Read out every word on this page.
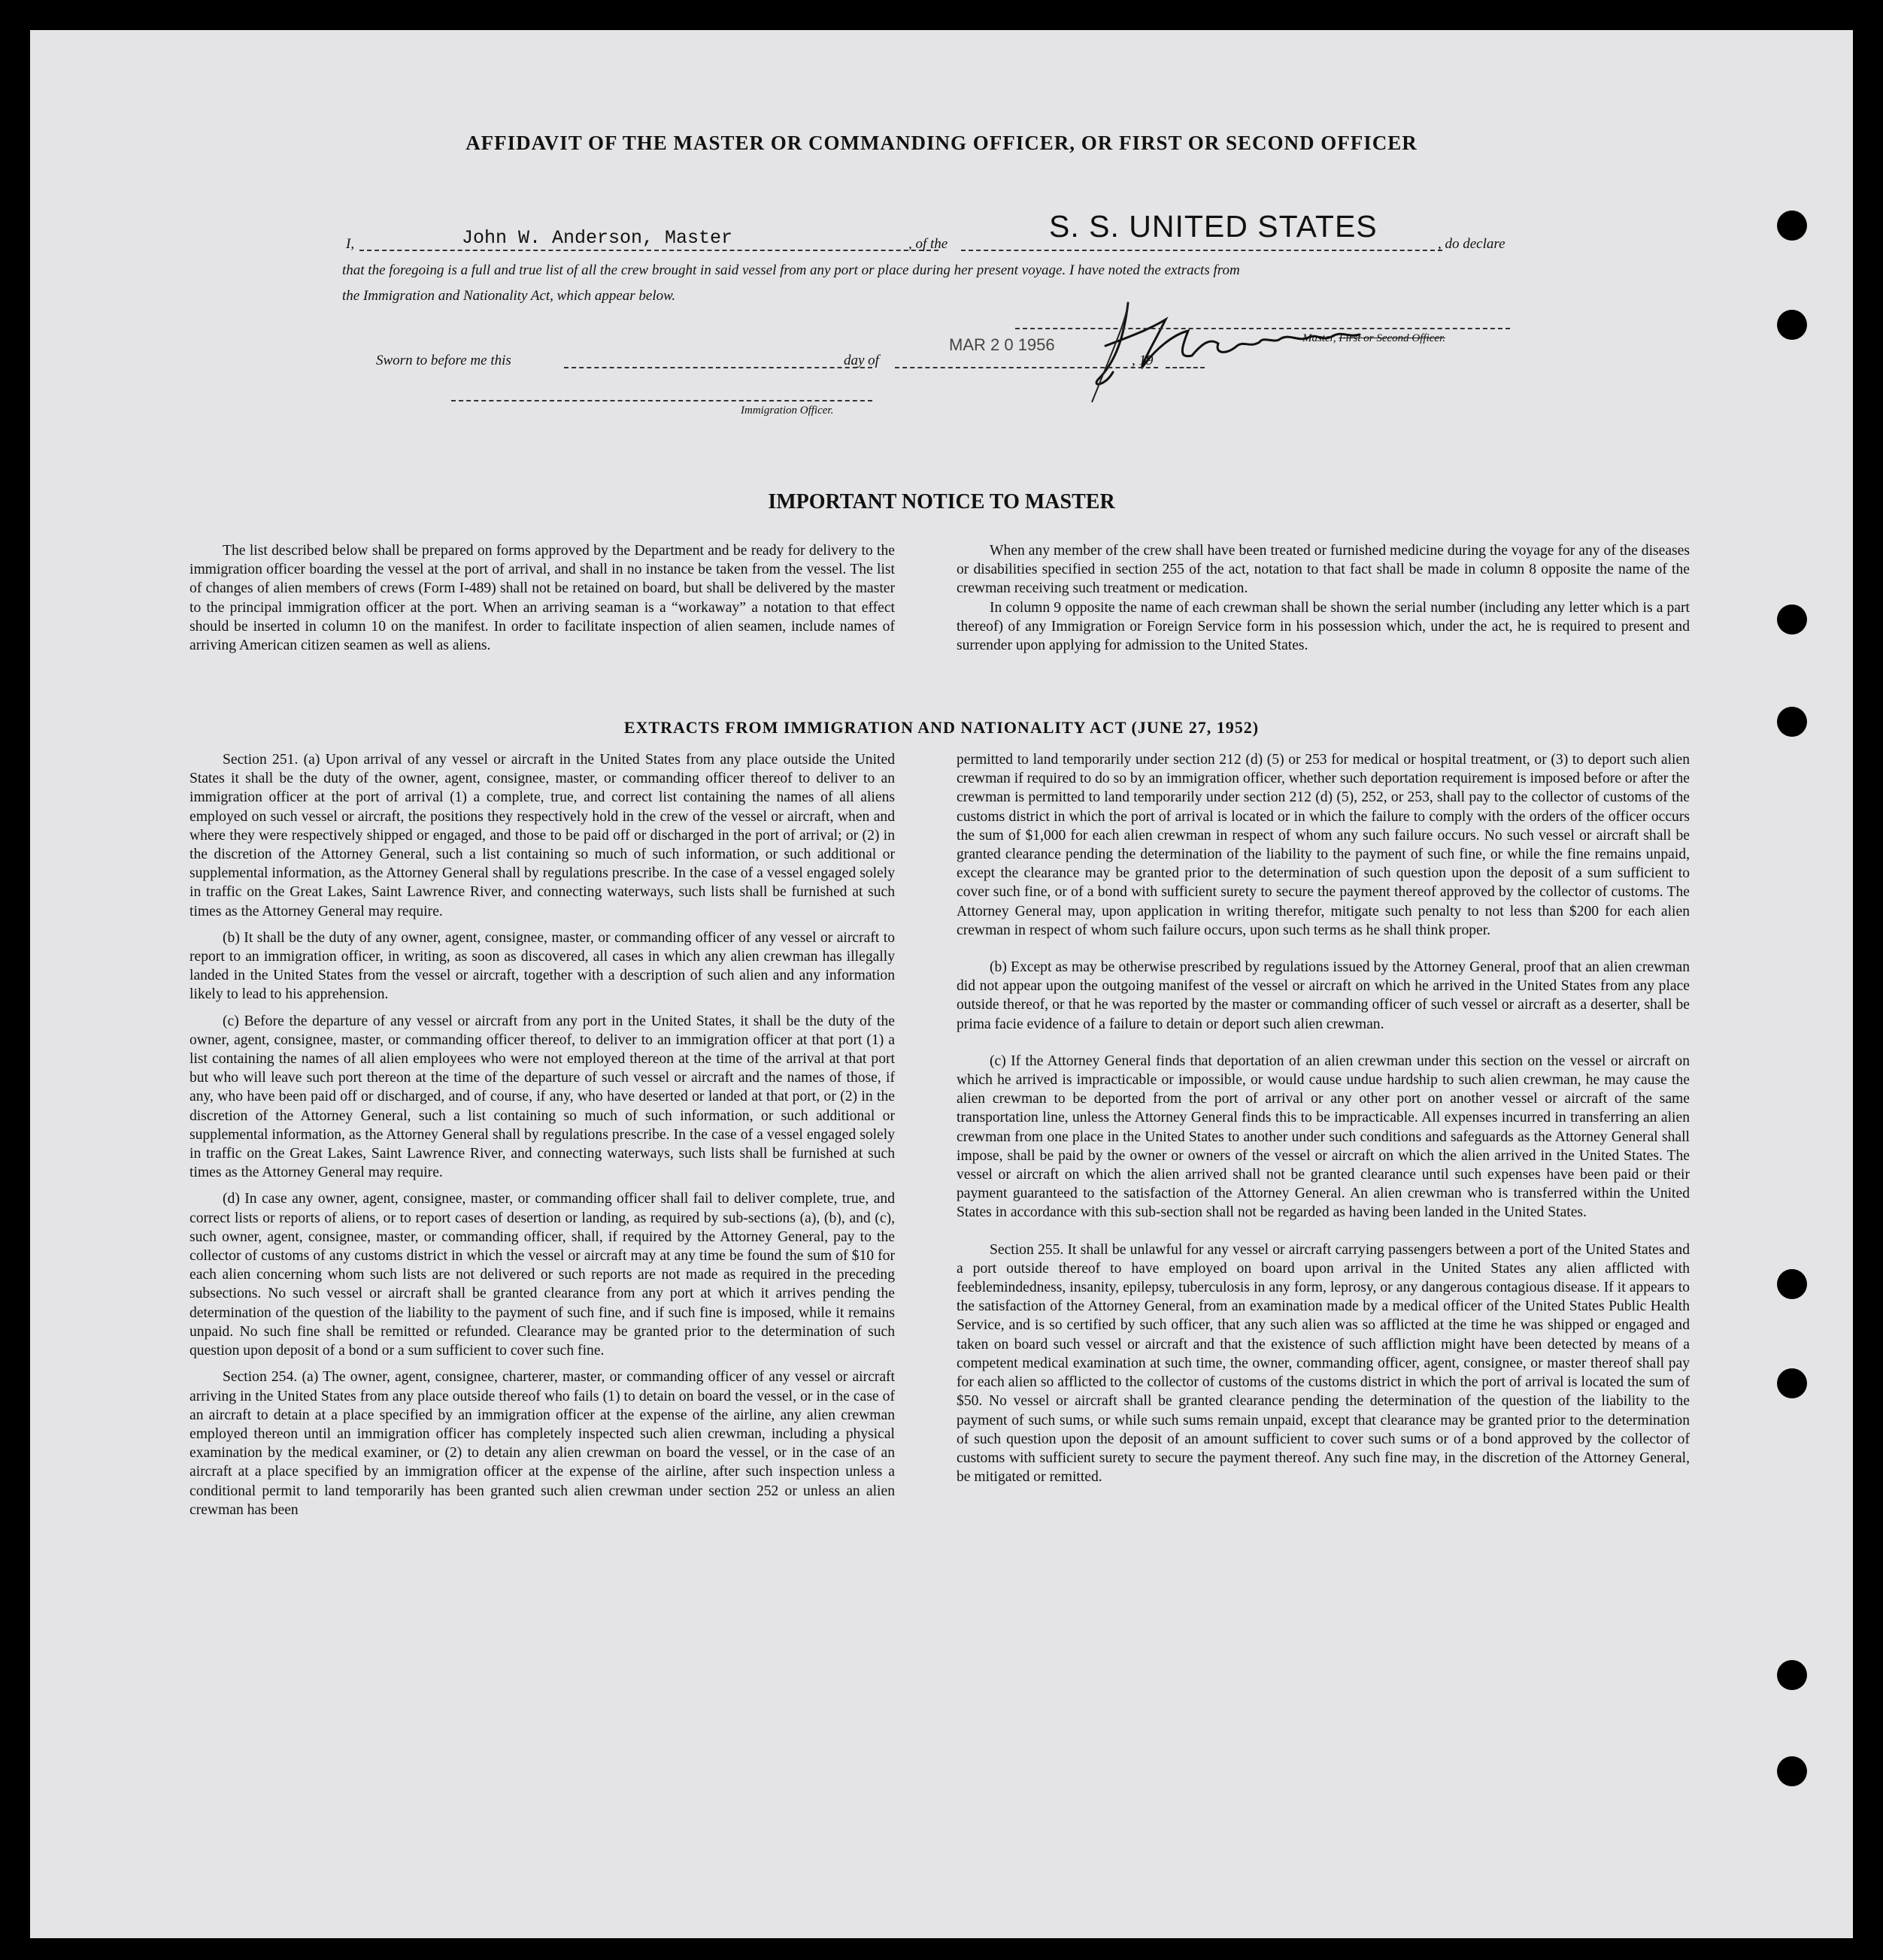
AFFIDAVIT OF THE MASTER OR COMMANDING OFFICER, OR FIRST OR SECOND OFFICER
I,	John W. Anderson, Master	, of the
S. S. UNITED STATES
, do declare
that the foregoing is a full and true list of all the crew brought in said vessel from any port or place during her present voyage. I have noted the extracts from
the Immigration and Nationality Act, which appear below.
Master, First or Second Officer.
Sworn to before me this	day of
MAR 2 0 1956
, 19
Immigration Officer.
IMPORTANT NOTICE TO MASTER

The list described below shall be prepared on forms approved by the Department and be ready for delivery to the immigration officer boarding the vessel at the port of arrival, and shall in no instance be taken from the vessel. The list of changes of alien members of crews (Form I-489) shall not be retained on board, but shall be delivered by the master to the principal immigration officer at the port. When an arriving seaman is a “workaway” a notation to that effect should be inserted in column 10 on the manifest. In order to facilitate inspection of alien seamen, include names of arriving American citizen seamen as well as aliens.

When any member of the crew shall have been treated or furnished medicine during the voyage for any of the diseases or disabilities specified in section 255 of the act, notation to that fact shall be made in column 8 opposite the name of the crewman receiving such treatment or medication.

In column 9 opposite the name of each crewman shall be shown the serial number (including any letter which is a part thereof) of any Immigration or Foreign Service form in his possession which, under the act, he is required to present and surrender upon applying for admission to the United States.

EXTRACTS FROM IMMIGRATION AND NATIONALITY ACT (JUNE 27, 1952)

Section 251. (a) Upon arrival of any vessel or aircraft in the United States from any place outside the United States it shall be the duty of the owner, agent, consignee, master, or commanding officer thereof to deliver to an immigration officer at the port of arrival (1) a complete, true, and correct list containing the names of all aliens employed on such vessel or aircraft, the positions they respectively hold in the crew of the vessel or aircraft, when and where they were respectively shipped or engaged, and those to be paid off or discharged in the port of arrival; or (2) in the discretion of the Attorney General, such a list containing so much of such information, or such additional or supplemental information, as the Attorney General shall by regulations prescribe. In the case of a vessel engaged solely in traffic on the Great Lakes, Saint Lawrence River, and connecting waterways, such lists shall be furnished at such times as the Attorney General may require.

(b) It shall be the duty of any owner, agent, consignee, master, or commanding officer of any vessel or aircraft to report to an immigration officer, in writing, as soon as discovered, all cases in which any alien crewman has illegally landed in the United States from the vessel or aircraft, together with a description of such alien and any information likely to lead to his apprehension.

(c) Before the departure of any vessel or aircraft from any port in the United States, it shall be the duty of the owner, agent, consignee, master, or commanding officer thereof, to deliver to an immigration officer at that port (1) a list containing the names of all alien employees who were not employed thereon at the time of the arrival at that port but who will leave such port thereon at the time of the departure of such vessel or aircraft and the names of those, if any, who have been paid off or discharged, and of course, if any, who have deserted or landed at that port, or (2) in the discretion of the Attorney General, such a list containing so much of such information, or such additional or supplemental information, as the Attorney General shall by regulations prescribe. In the case of a vessel engaged solely in traffic on the Great Lakes, Saint Lawrence River, and connecting waterways, such lists shall be furnished at such times as the Attorney General may require.

(d) In case any owner, agent, consignee, master, or commanding officer shall fail to deliver complete, true, and correct lists or reports of aliens, or to report cases of desertion or landing, as required by sub-sections (a), (b), and (c), such owner, agent, consignee, master, or commanding officer, shall, if required by the Attorney General, pay to the collector of customs of any customs district in which the vessel or aircraft may at any time be found the sum of $10 for each alien concerning whom such lists are not delivered or such reports are not made as required in the preceding subsections. No such vessel or aircraft shall be granted clearance from any port at which it arrives pending the determination of the question of the liability to the payment of such fine, and if such fine is imposed, while it remains unpaid. No such fine shall be remitted or refunded. Clearance may be granted prior to the determination of such question upon deposit of a bond or a sum sufficient to cover such fine.

Section 254. (a) The owner, agent, consignee, charterer, master, or commanding officer of any vessel or aircraft arriving in the United States from any place outside thereof who fails (1) to detain on board the vessel, or in the case of an aircraft to detain at a place specified by an immigration officer at the expense of the airline, any alien crewman employed thereon until an immigration officer has completely inspected such alien crewman, including a physical examination by the medical examiner, or (2) to detain any alien crewman on board the vessel, or in the case of an aircraft at a place specified by an immigration officer at the expense of the airline, after such inspection unless a conditional permit to land temporarily has been granted such alien crewman under section 252 or unless an alien crewman has been

permitted to land temporarily under section 212 (d) (5) or 253 for medical or hospital treatment, or (3) to deport such alien crewman if required to do so by an immigration officer, whether such deportation requirement is imposed before or after the crewman is permitted to land temporarily under section 212 (d) (5), 252, or 253, shall pay to the collector of customs of the customs district in which the port of arrival is located or in which the failure to comply with the orders of the officer occurs the sum of $1,000 for each alien crewman in respect of whom any such failure occurs. No such vessel or aircraft shall be granted clearance pending the determination of the liability to the payment of such fine, or while the fine remains unpaid, except the clearance may be granted prior to the determination of such question upon the deposit of a sum sufficient to cover such fine, or of a bond with sufficient surety to secure the payment thereof approved by the collector of customs. The Attorney General may, upon application in writing therefor, mitigate such penalty to not less than $200 for each alien crewman in respect of whom such failure occurs, upon such terms as he shall think proper.

(b) Except as may be otherwise prescribed by regulations issued by the Attorney General, proof that an alien crewman did not appear upon the outgoing manifest of the vessel or aircraft on which he arrived in the United States from any place outside thereof, or that he was reported by the master or commanding officer of such vessel or aircraft as a deserter, shall be prima facie evidence of a failure to detain or deport such alien crewman.

(c) If the Attorney General finds that deportation of an alien crewman under this section on the vessel or aircraft on which he arrived is impracticable or impossible, or would cause undue hardship to such alien crewman, he may cause the alien crewman to be deported from the port of arrival or any other port on another vessel or aircraft of the same transportation line, unless the Attorney General finds this to be impracticable. All expenses incurred in transferring an alien crewman from one place in the United States to another under such conditions and safeguards as the Attorney General shall impose, shall be paid by the owner or owners of the vessel or aircraft on which the alien arrived in the United States. The vessel or aircraft on which the alien arrived shall not be granted clearance until such expenses have been paid or their payment guaranteed to the satisfaction of the Attorney General. An alien crewman who is transferred within the United States in accordance with this sub-section shall not be regarded as having been landed in the United States.

Section 255. It shall be unlawful for any vessel or aircraft carrying passengers between a port of the United States and a port outside thereof to have employed on board upon arrival in the United States any alien afflicted with feeblemindedness, insanity, epilepsy, tuberculosis in any form, leprosy, or any dangerous contagious disease. If it appears to the satisfaction of the Attorney General, from an examination made by a medical officer of the United States Public Health Service, and is so certified by such officer, that any such alien was so afflicted at the time he was shipped or engaged and taken on board such vessel or aircraft and that the existence of such affliction might have been detected by means of a competent medical examination at such time, the owner, commanding officer, agent, consignee, or master thereof shall pay for each alien so afflicted to the collector of customs of the customs district in which the port of arrival is located the sum of $50. No vessel or aircraft shall be granted clearance pending the determination of the question of the liability to the payment of such sums, or while such sums remain unpaid, except that clearance may be granted prior to the determination of such question upon the deposit of an amount sufficient to cover such sums or of a bond approved by the collector of customs with sufficient surety to secure the payment thereof. Any such fine may, in the discretion of the Attorney General, be mitigated or remitted.
